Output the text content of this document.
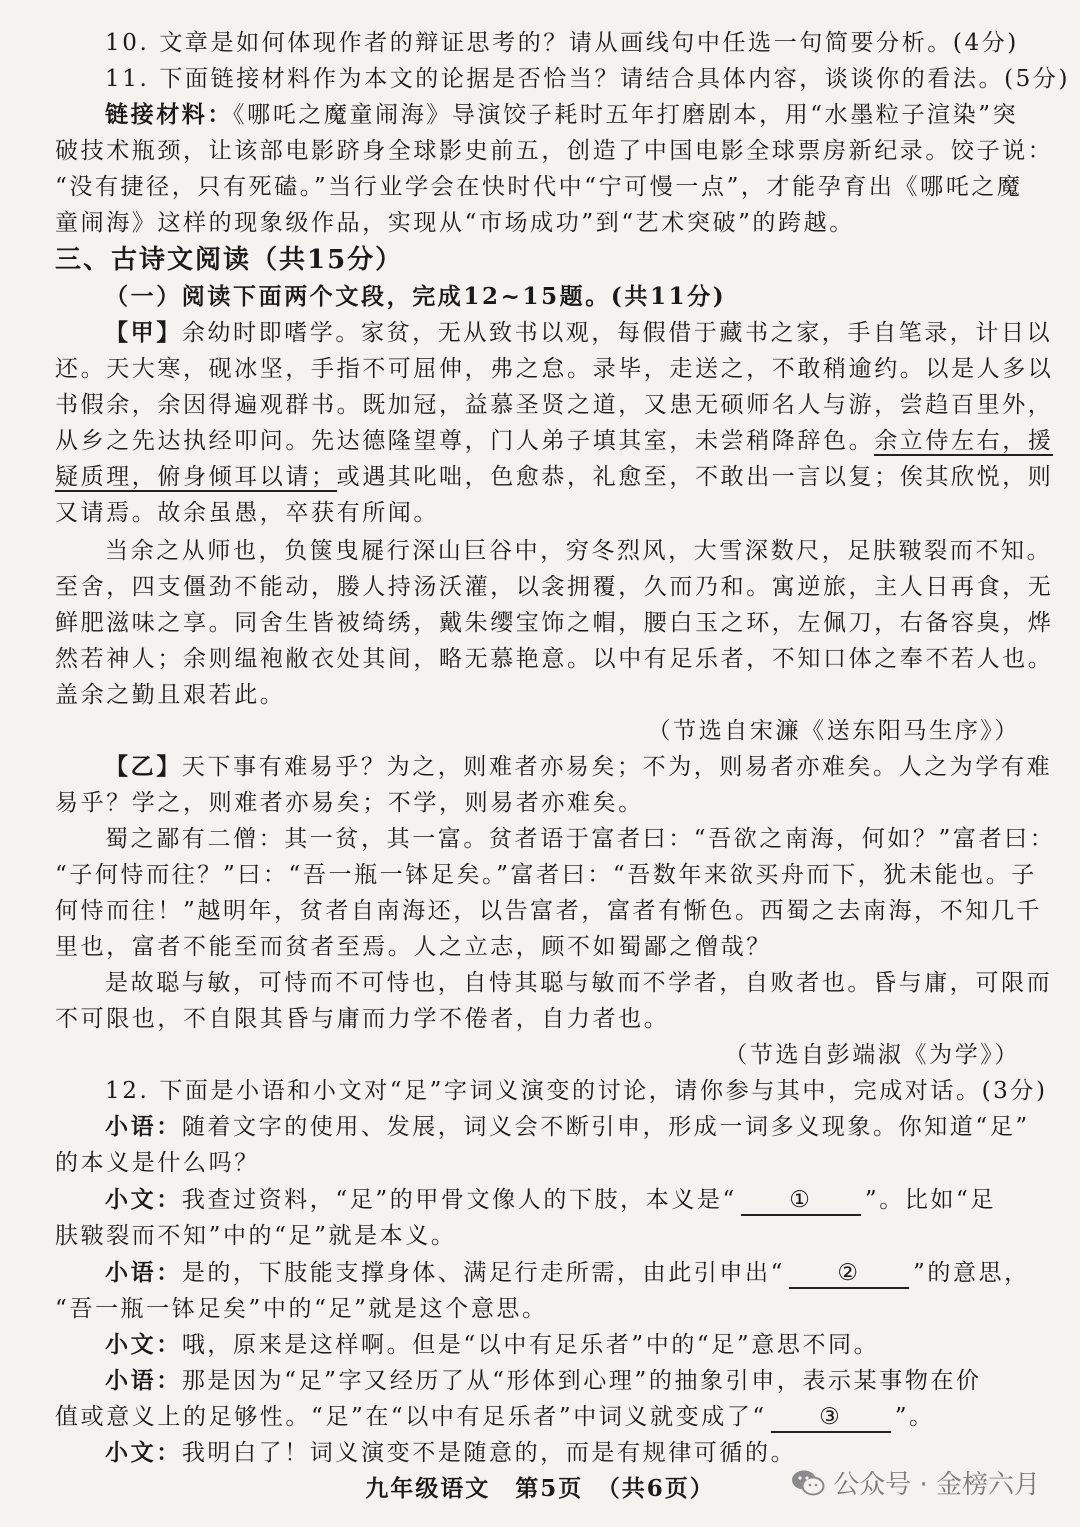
10. 文章是如何体现作者的辩证思考的？请从画线句中任选一句简要分析。(4分)
11. 下面链接材料作为本文的论据是否恰当？请结合具体内容，谈谈你的看法。(5分)
链接材料：《哪吒之魔童闹海》导演饺子耗时五年打磨剧本，用“水墨粒子渲染”突
破技术瓶颈，让该部电影跻身全球影史前五，创造了中国电影全球票房新纪录。饺子说：
“没有捷径，只有死磕。”当行业学会在快时代中“宁可慢一点”，才能孕育出《哪吒之魔
童闹海》这样的现象级作品，实现从“市场成功”到“艺术突破”的跨越。
三、古诗文阅读（共15分）
（一）阅读下面两个文段，完成12~15题。(共11分)
【甲】余幼时即嗜学。家贫，无从致书以观，每假借于藏书之家，手自笔录，计日以
还。天大寒，砚冰坚，手指不可屈伸，弗之怠。录毕，走送之，不敢稍逾约。以是人多以
书假余，余因得遍观群书。既加冠，益慕圣贤之道，又患无硕师名人与游，尝趋百里外，
从乡之先达执经叩问。先达德隆望尊，门人弟子填其室，未尝稍降辞色。余立侍左右，援
疑质理，俯身倾耳以请；或遇其叱咄，色愈恭，礼愈至，不敢出一言以复；俟其欣悦，则
又请焉。故余虽愚，卒获有所闻。
当余之从师也，负箧曳屣行深山巨谷中，穷冬烈风，大雪深数尺，足肤皲裂而不知。
至舍，四支僵劲不能动，媵人持汤沃灌，以衾拥覆，久而乃和。寓逆旅，主人日再食，无
鲜肥滋味之享。同舍生皆被绮绣，戴朱缨宝饰之帽，腰白玉之环，左佩刀，右备容臭，烨
然若神人；余则缊袍敝衣处其间，略无慕艳意。以中有足乐者，不知口体之奉不若人也。
盖余之勤且艰若此。
（节选自宋濂《送东阳马生序》）
【乙】天下事有难易乎？为之，则难者亦易矣；不为，则易者亦难矣。人之为学有难
易乎？学之，则难者亦易矣；不学，则易者亦难矣。
蜀之鄙有二僧：其一贫，其一富。贫者语于富者曰：“吾欲之南海，何如？”富者曰：
“子何恃而往？”曰：“吾一瓶一钵足矣。”富者曰：“吾数年来欲买舟而下，犹未能也。子
何恃而往！”越明年，贫者自南海还，以告富者，富者有惭色。西蜀之去南海，不知几千
里也，富者不能至而贫者至焉。人之立志，顾不如蜀鄙之僧哉？
是故聪与敏，可恃而不可恃也，自恃其聪与敏而不学者，自败者也。昏与庸，可限而
不可限也，不自限其昏与庸而力学不倦者，自力者也。
（节选自彭端淑《为学》）
12. 下面是小语和小文对“足”字词义演变的讨论，请你参与其中，完成对话。(3分)
小语：随着文字的使用、发展，词义会不断引申，形成一词多义现象。你知道“足”
的本义是什么吗？
小文：我查过资料，“足”的甲骨文像人的下肢，本义是“ ① ”。比如“足
肤皲裂而不知”中的“足”就是本义。
小语：是的，下肢能支撑身体、满足行走所需，由此引申出“ ② ”的意思，
“吾一瓶一钵足矣”中的“足”就是这个意思。
小文：哦，原来是这样啊。但是“以中有足乐者”中的“足”意思不同。
小语：那是因为“足”字又经历了从“形体到心理”的抽象引申，表示某事物在价
值或意义上的足够性。“足”在“以中有足乐者”中词义就变成了“ ③ ”。
小文：我明白了！词义演变不是随意的，而是有规律可循的。
九年级语文　第5页　（共6页）	公众号 · 金榜六月
